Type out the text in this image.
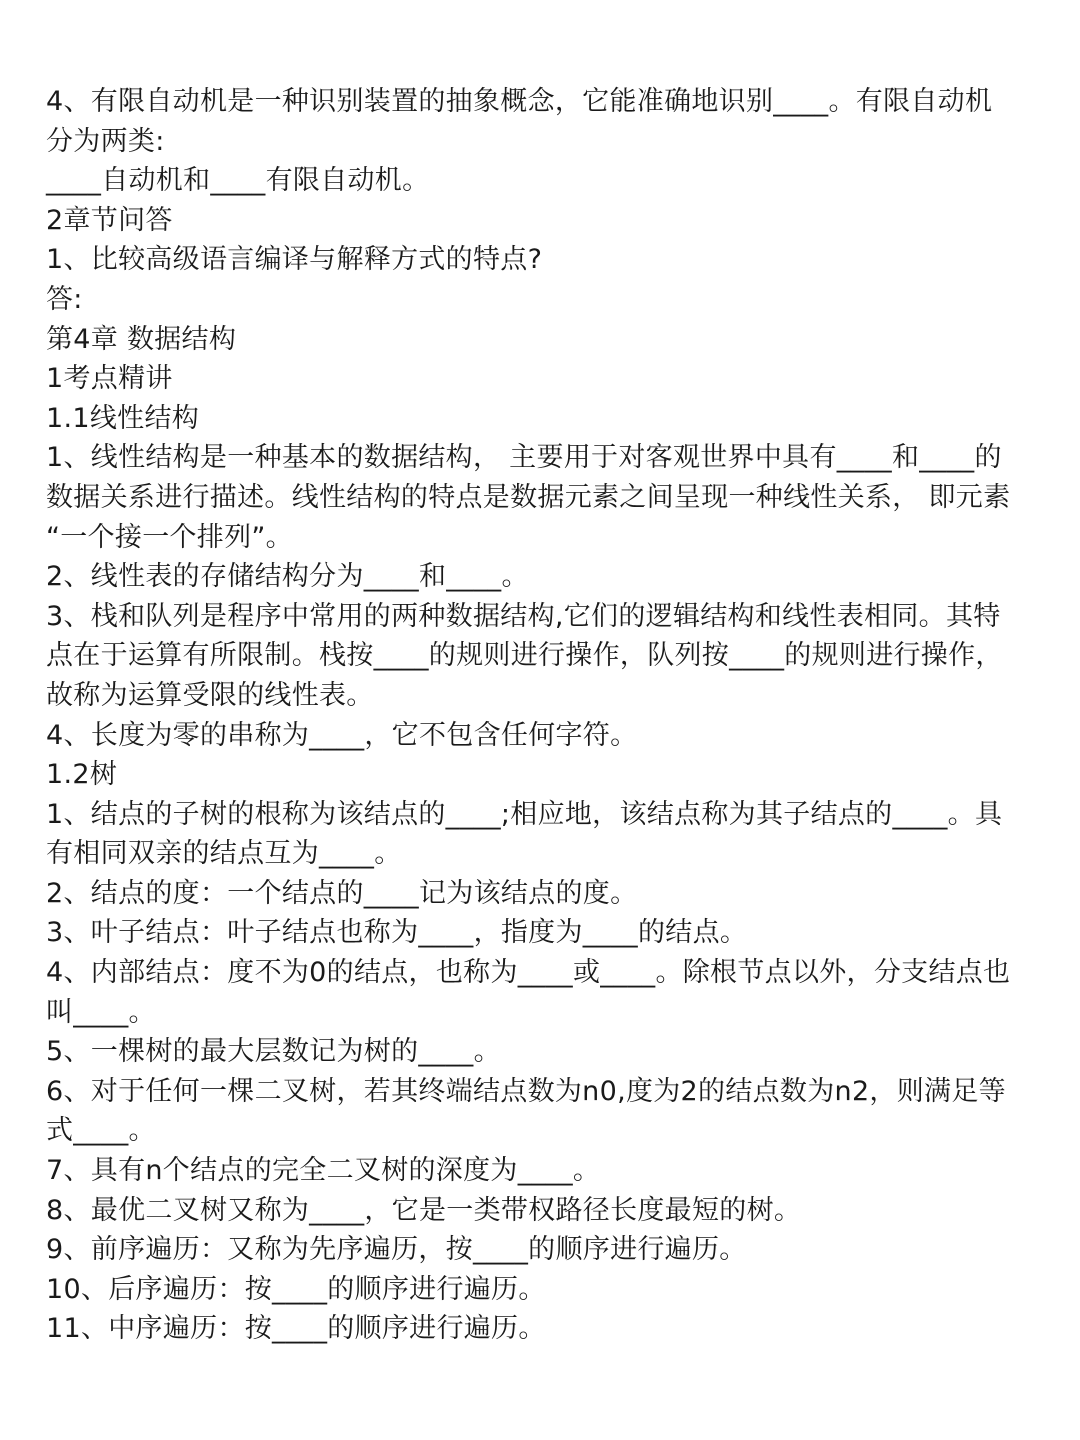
4、有限自动机是一种识别装置的抽象概念，它能准确地识别____。有限自动机

分为两类:

____自动机和____有限自动机。

2章节问答

1、比较高级语言编译与解释方式的特点?

答:

第4章 数据结构

1考点精讲

1.1线性结构

1、线性结构是一种基本的数据结构， 主要用于对客观世界中具有____和____的

数据关系进行描述。线性结构的特点是数据元素之间呈现一种线性关系， 即元素

“一个接一个排列”。

2、线性表的存储结构分为____和____。

3、栈和队列是程序中常用的两种数据结构,它们的逻辑结构和线性表相同。其特

点在于运算有所限制。栈按____的规则进行操作，队列按____的规则进行操作，

故称为运算受限的线性表。

4、长度为零的串称为____，它不包含任何字符。

1.2树

1、结点的子树的根称为该结点的____;相应地，该结点称为其子结点的____。具

有相同双亲的结点互为____。

2、结点的度：一个结点的____记为该结点的度。

3、叶子结点：叶子结点也称为____，指度为____的结点。

4、内部结点：度不为0的结点，也称为____或____。除根节点以外，分支结点也

叫____。

5、一棵树的最大层数记为树的____。

6、对于任何一棵二叉树，若其终端结点数为n0,度为2的结点数为n2，则满足等

式____。

7、具有n个结点的完全二叉树的深度为____。

8、最优二叉树又称为____，它是一类带权路径长度最短的树。

9、前序遍历：又称为先序遍历，按____的顺序进行遍历。

10、后序遍历：按____的顺序进行遍历。

11、中序遍历：按____的顺序进行遍历。
